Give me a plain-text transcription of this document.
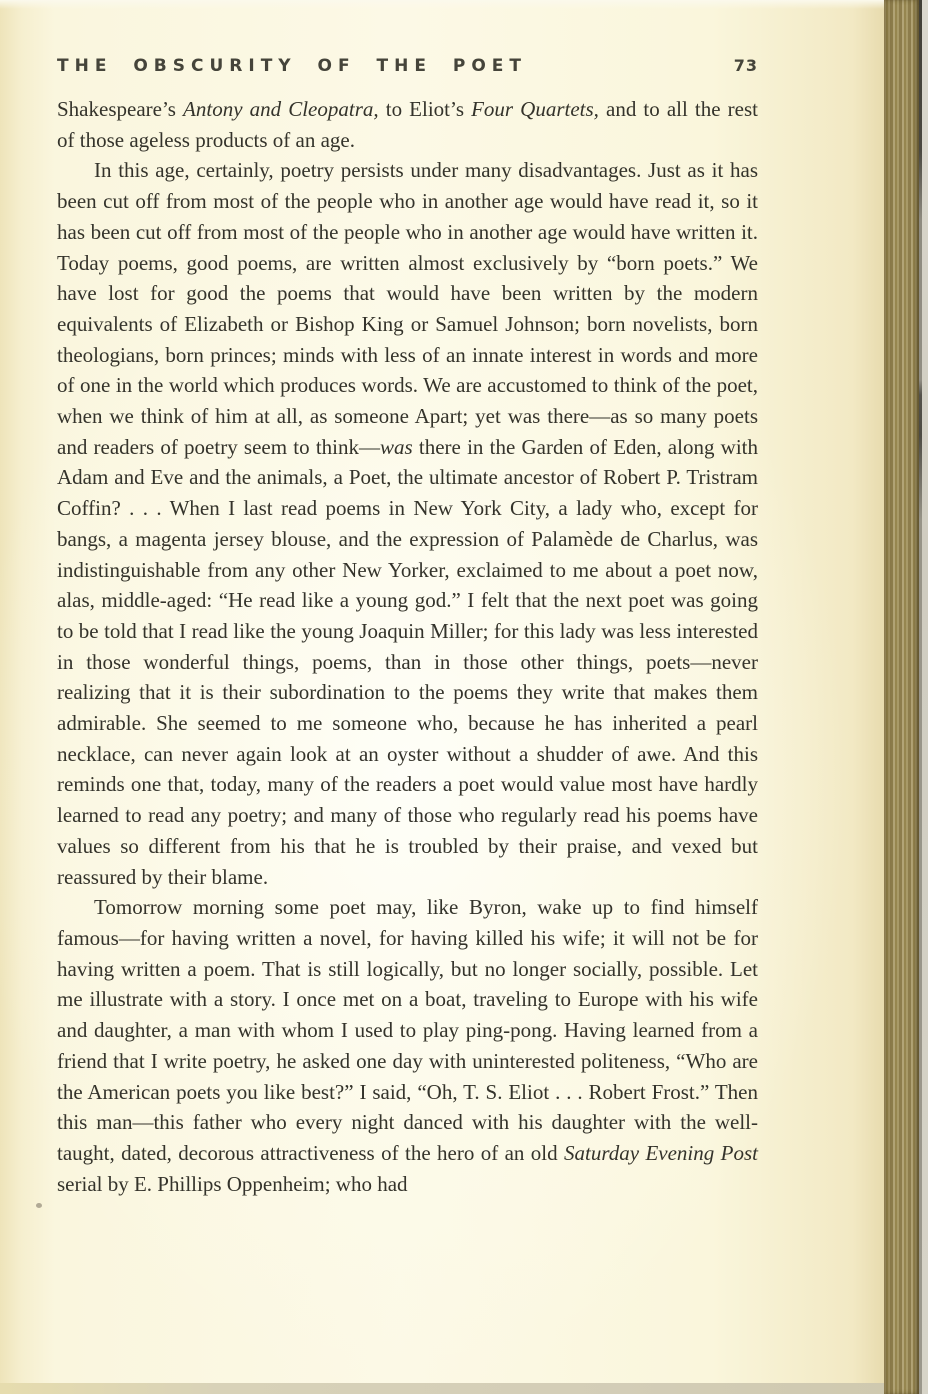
THE OBSCURITY OF THE POET	73

Shakespeare’s Antony and Cleopatra, to Eliot’s Four Quartets, and to all the rest of those ageless products of an age.

In this age, certainly, poetry persists under many disadvantages. Just as it has been cut off from most of the people who in another age would have read it, so it has been cut off from most of the people who in another age would have written it. Today poems, good poems, are written almost exclusively by “born poets.” We have lost for good the poems that would have been written by the modern equivalents of Elizabeth or Bishop King or Samuel Johnson; born novelists, born theologians, born princes; minds with less of an innate interest in words and more of one in the world which produces words. We are accustomed to think of the poet, when we think of him at all, as someone Apart; yet was there—as so many poets and readers of poetry seem to think—was there in the Garden of Eden, along with Adam and Eve and the animals, a Poet, the ultimate ancestor of Robert P. Tristram Coffin? . . . When I last read poems in New York City, a lady who, except for bangs, a magenta jersey blouse, and the expression of Palamède de Charlus, was indistinguishable from any other New Yorker, exclaimed to me about a poet now, alas, middle-aged: “He read like a young god.” I felt that the next poet was going to be told that I read like the young Joaquin Miller; for this lady was less interested in those wonderful things, poems, than in those other things, poets—never realizing that it is their subordination to the poems they write that makes them admirable. She seemed to me someone who, because he has inherited a pearl necklace, can never again look at an oyster without a shudder of awe. And this reminds one that, today, many of the readers a poet would value most have hardly learned to read any poetry; and many of those who regularly read his poems have values so different from his that he is troubled by their praise, and vexed but reassured by their blame.

Tomorrow morning some poet may, like Byron, wake up to find himself famous—for having written a novel, for having killed his wife; it will not be for having written a poem. That is still logically, but no longer socially, possible. Let me illustrate with a story. I once met on a boat, traveling to Europe with his wife and daughter, a man with whom I used to play ping-pong. Having learned from a friend that I write poetry, he asked one day with uninterested politeness, “Who are the American poets you like best?” I said, “Oh, T. S. Eliot . . . Robert Frost.” Then this man—this father who every night danced with his daughter with the well-taught, dated, decorous attractiveness of the hero of an old Saturday Evening Post serial by E. Phillips Oppenheim; who had
